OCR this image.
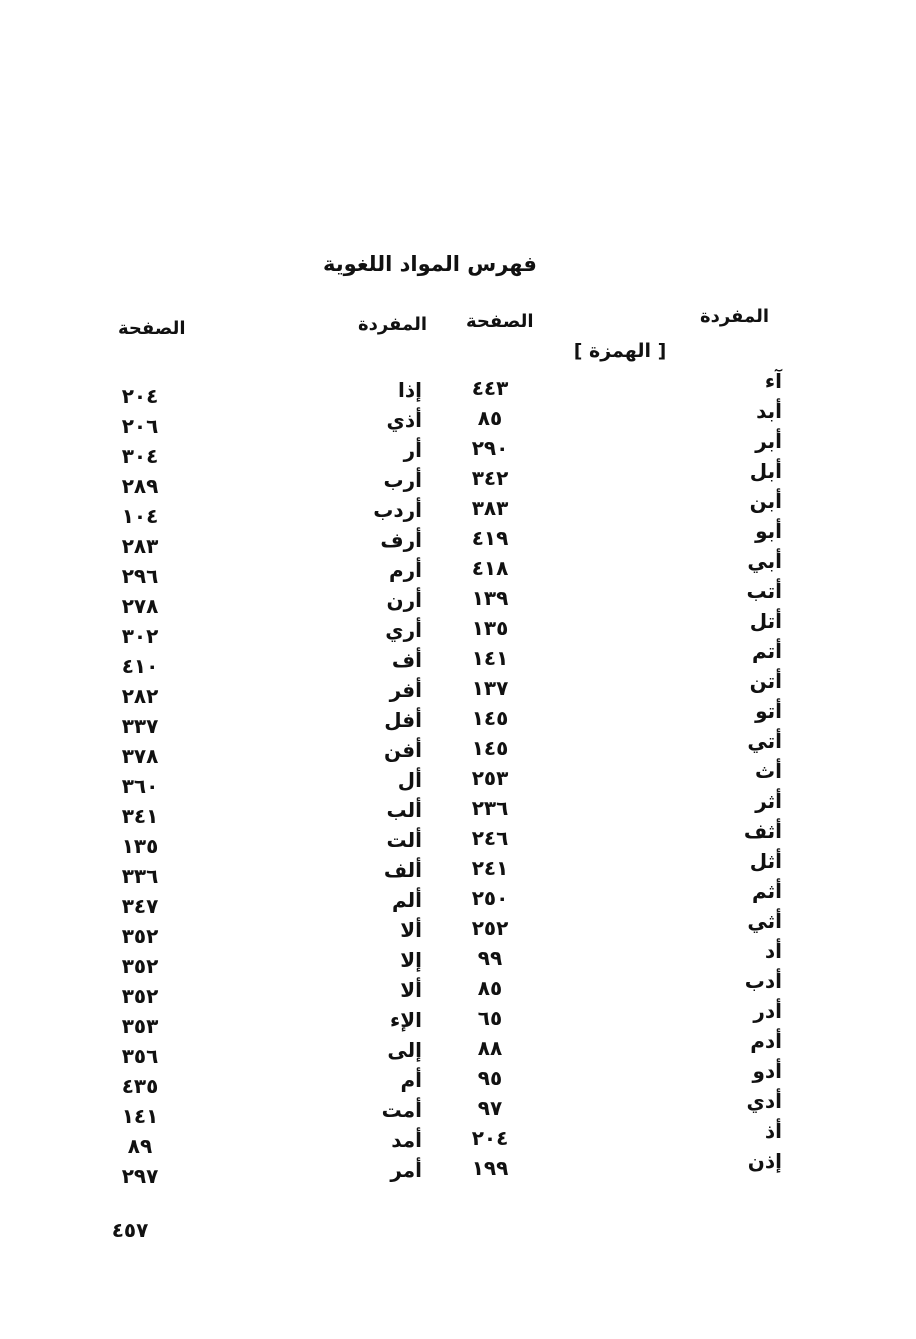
فهرس المواد اللغوية
المفردة
الصفحة
المفردة
الصفحة
[ الهمزة ]
آء
أبد
أبر
أبل
أبن
أبو
أبي
أتب
أتل
أتم
أتن
أتو
أتي
أث
أثر
أثف
أثل
أثم
أثي
أد
أدب
أدر
أدم
أدو
أدي
أذ
إذن
٤٤٣
٨٥
٢٩٠
٣٤٢
٣٨٣
٤١٩
٤١٨
١٣٩
١٣٥
١٤١
١٣٧
١٤٥
١٤٥
٢٥٣
٢٣٦
٢٤٦
٢٤١
٢٥٠
٢٥٢
٩٩
٨٥
٦٥
٨٨
٩٥
٩٧
٢٠٤
١٩٩
إذا
أذي
أر
أرب
أردب
أرف
أرم
أرن
أري
أف
أفر
أفل
أفن
أل
ألب
ألت
ألف
ألم
ألا
إلا
ألا
الإء
إلى
أم
أمت
أمد
أمر
٢٠٤
٢٠٦
٣٠٤
٢٨٩
١٠٤
٢٨٣
٢٩٦
٢٧٨
٣٠٢
٤١٠
٢٨٢
٣٣٧
٣٧٨
٣٦٠
٣٤١
١٣٥
٣٣٦
٣٤٧
٣٥٢
٣٥٢
٣٥٢
٣٥٣
٣٥٦
٤٣٥
١٤١
٨٩
٢٩٧
٤٥٧
